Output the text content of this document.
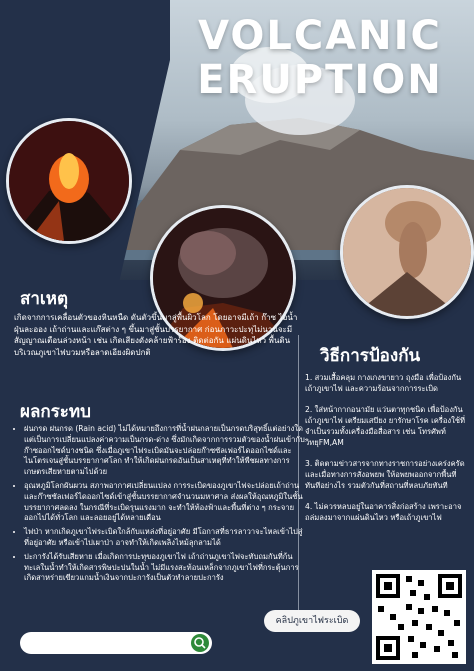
VOLCANIC
ERUPTION
สาเหตุ
เกิดจากการเคลื่อนตัวของหินหนืด ดันตัวขึ้นมาสู่พื้นผิวโลก โดยอาจมีเถ้า ก๊าซ ไอน้ำ ฝุ่นละออง เถ้าถ่านและแก๊สต่าง ๆ ขึ้นมาสู่ชั้นบรรยากาศ ก่อนภาวะปะทุไม่นานจะมีสัญญาณเตือนล่วงหน้า เช่น เกิดเสียงดังคล้ายฟ้าร้อง ติดต่อกัน แผ่นดินไหว พื้นดินบริเวณภูเขาไฟบวมหรือลาดเอียงผิดปกติ	วิธีการป้องกัน
1. สวมเสื้อคลุม กางเกงขายาว ถุงมือ เพื่อป้องกันเถ้าภูเขาไฟ และความร้อนจากการระเบิด
2. ใส่หน้ากากอนามัย แว่นตาทุกชนิด เพื่อป้องกันเถ้าภูเขาไฟ เตรียมเสบียง ยารักษาโรค เครื่องใช้ที่จำเป็นรวมทั้งเครื่องมือสื่อสาร เช่น โทรศัพท์ วิทยุFM,AM
3. ติดตามข่าวสารจากทางราชการอย่างเคร่งครัด และเมื่อทางการสั่งอพยพ ให้อพยพออกจากพื้นที่ทันทีอย่างไร รวมตัวกันที่สถานที่หลบภัยทันที
4. ไม่ควรหลบอยู่ในอาคารสิ่งก่อสร้าง เพราะอาจถล่มลงมาจากแผ่นดินไหว หรือเถ้าภูเขาไฟ
ผลกระทบ
• ฝนกรด ฝนกรด (Rain acid) ไม่ได้หมายถึงการที่น้ำฝนกลายเป็นกรดบริสุทธิ์แต่อย่างใด แต่เป็นการเปลี่ยนแปลงค่าความเป็นกรด-ด่าง ซึ่งมักเกิดจากการรวมตัวของน้ำฝนเข้ากับก๊าซออกไซด์บางชนิด ซึ่งเมื่อภูเขาไฟระเบิดมันจะปล่อยก๊าซซัลเฟอร์ไดออกไซด์และไนโตรเจนสู่ชั้นบรรยากาศโลก ทำให้เกิดฝนกรดอันเป็นสาเหตุที่ทำให้พืชผลทางการเกษตรเสียหายตามไปด้วย
• อุณหภูมิโลกผันผวน สภาพอากาศเปลี่ยนแปลง การระเบิดของภูเขาไฟจะปล่อยเถ้าถ่านและก๊าซซัลเฟอร์ไดออกไซด์เข้าสู่ชั้นบรรยากาศจำนวนมหาศาล ส่งผลให้อุณหภูมิในชั้นบรรยากาศลดลง ในกรณีที่ระเบิดรุนแรงมาก จะทำให้ท้องฟ้าและพื้นที่ต่าง ๆ กระจายออกไปได้ทั่วโลก และลอยอยู่ได้หลายเดือน
• ไฟป่า หากเกิดภูเขาไฟระเบิดใกล้กับแหล่งที่อยู่อาศัย มีโอกาสที่ธารลาวาจะไหลเข้าไปสู่ที่อยู่อาศัย หรือเข้าไปเผาป่า อาจทำให้เกิดเพลิงไหม้ลุกลามได้
• ปะการังได้รับเสียหาย เมื่อเกิดการปะทุของภูเขาไฟ เถ้าถ่านภูเขาไฟจะทับถมกันที่ก้นทะเลในน้ำทำให้เกิดสารพิษปะปนในน้ำ ไม่มีแรงสะท้อนเหล็กจากภูเขาไฟที่กระตุ้นการเกิดสาหร่ายเขียวแกมน้ำเงินจากปะการังเป็นตัวทำลายปะการัง
คลิปภูเขาไฟระเบิด
